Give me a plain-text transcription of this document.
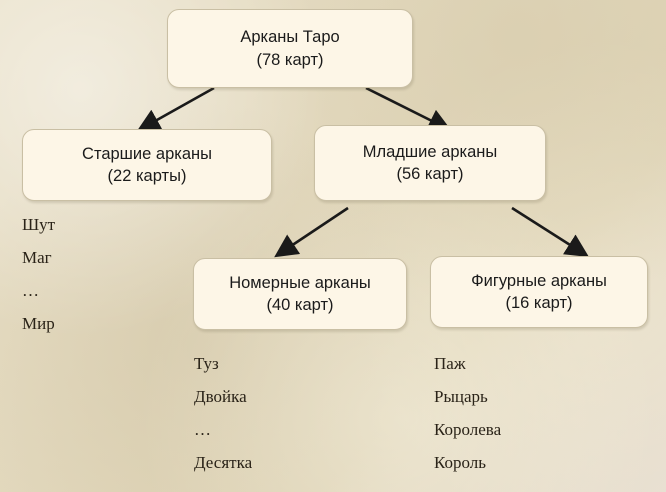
Арканы Таро
(78 карт)
Старшие арканы
(22 карты)
Младшие арканы
(56 карт)
Номерные арканы
(40 карт)
Фигурные арканы
(16 карт)
Шут
Маг
…
Мир
Туз
Двойка
…
Десятка
Паж
Рыцарь
Королева
Король
